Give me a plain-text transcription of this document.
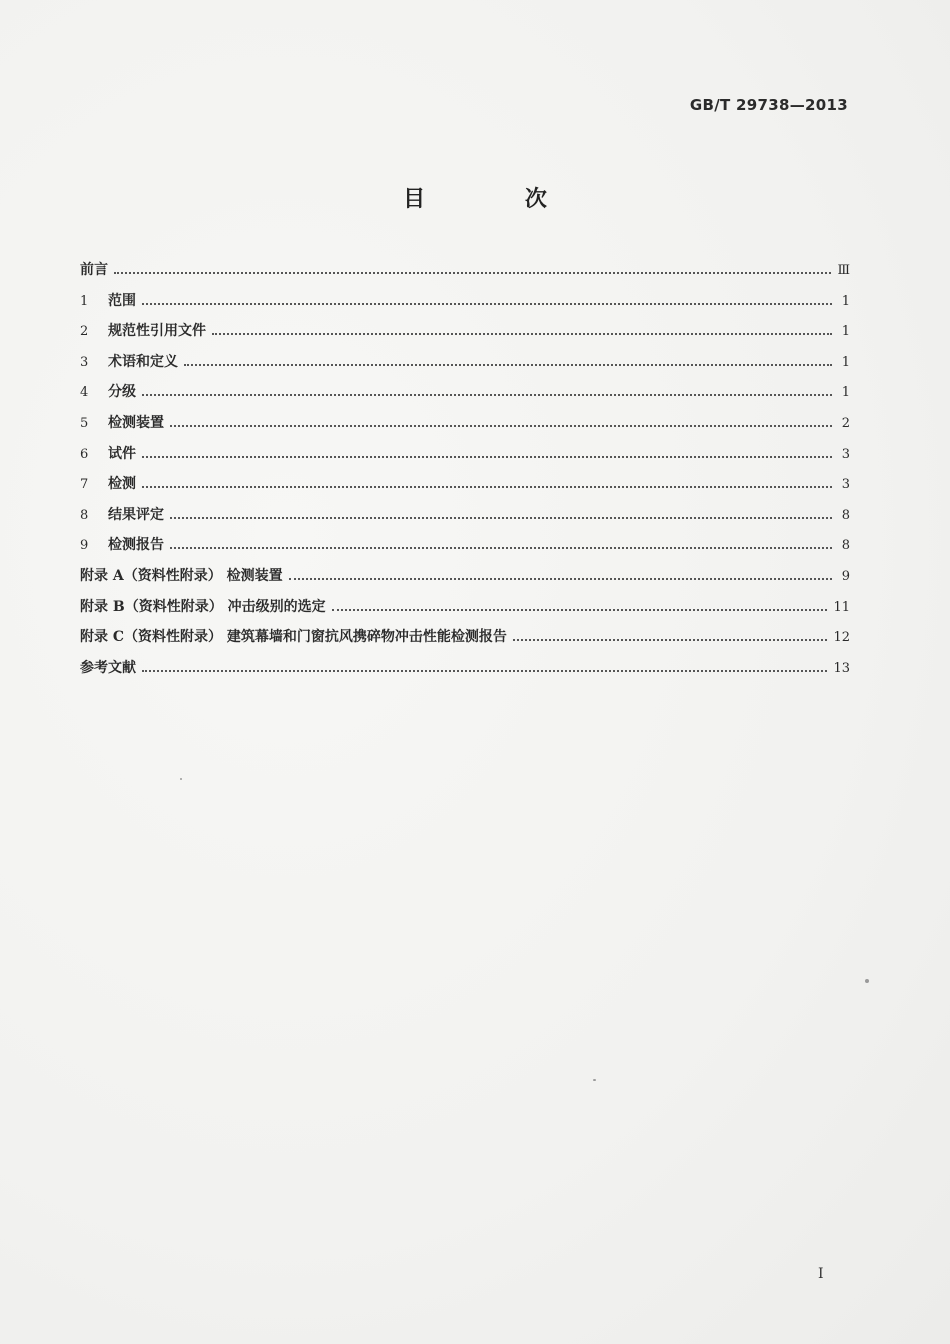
GB/T 29738—2013
目 次
前言	Ⅲ
1	范围	1
2	规范性引用文件	1
3	术语和定义	1
4	分级	1
5	检测装置	2
6	试件	3
7	检测	3
8	结果评定	8
9	检测报告	8
附录 A（资料性附录） 检测装置	9
附录 B（资料性附录） 冲击级别的选定	11
附录 C（资料性附录） 建筑幕墙和门窗抗风携碎物冲击性能检测报告	12
参考文献	13
I
